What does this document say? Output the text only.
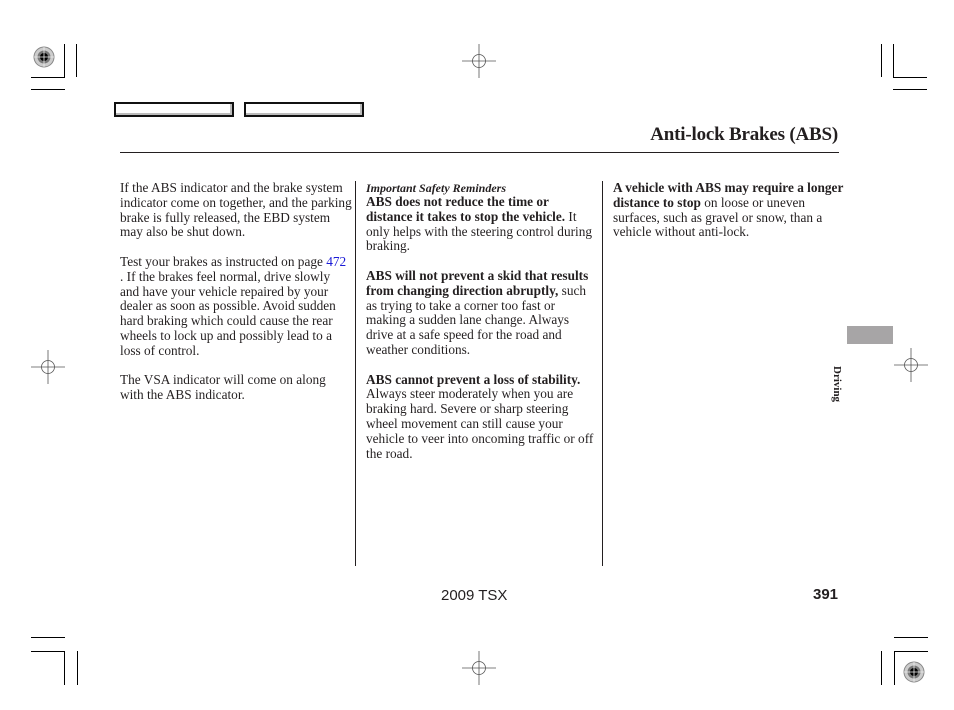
Anti-lock Brakes (ABS)

If the ABS indicator and the brake system indicator come on together, and the parking brake is fully released, the EBD system may also be shut down.

Test your brakes as instructed on page 472 . If the brakes feel normal, drive slowly and have your vehicle repaired by your dealer as soon as possible. Avoid sudden hard braking which could cause the rear wheels to lock up and possibly lead to a loss of control.

The VSA indicator will come on along with the ABS indicator.

Important Safety Reminders

ABS does not reduce the time or distance it takes to stop the vehicle. It only helps with the steering control during braking.

ABS will not prevent a skid that results from changing direction abruptly, such as trying to take a corner too fast or making a sudden lane change. Always drive at a safe speed for the road and weather conditions.

ABS cannot prevent a loss of stability. Always steer moderately when you are braking hard. Severe or sharp steering wheel movement can still cause your vehicle to veer into oncoming traffic or off the road.

A vehicle with ABS may require a longer distance to stop on loose or uneven surfaces, such as gravel or snow, than a vehicle without anti-lock.

Driving
2009 TSX	391
